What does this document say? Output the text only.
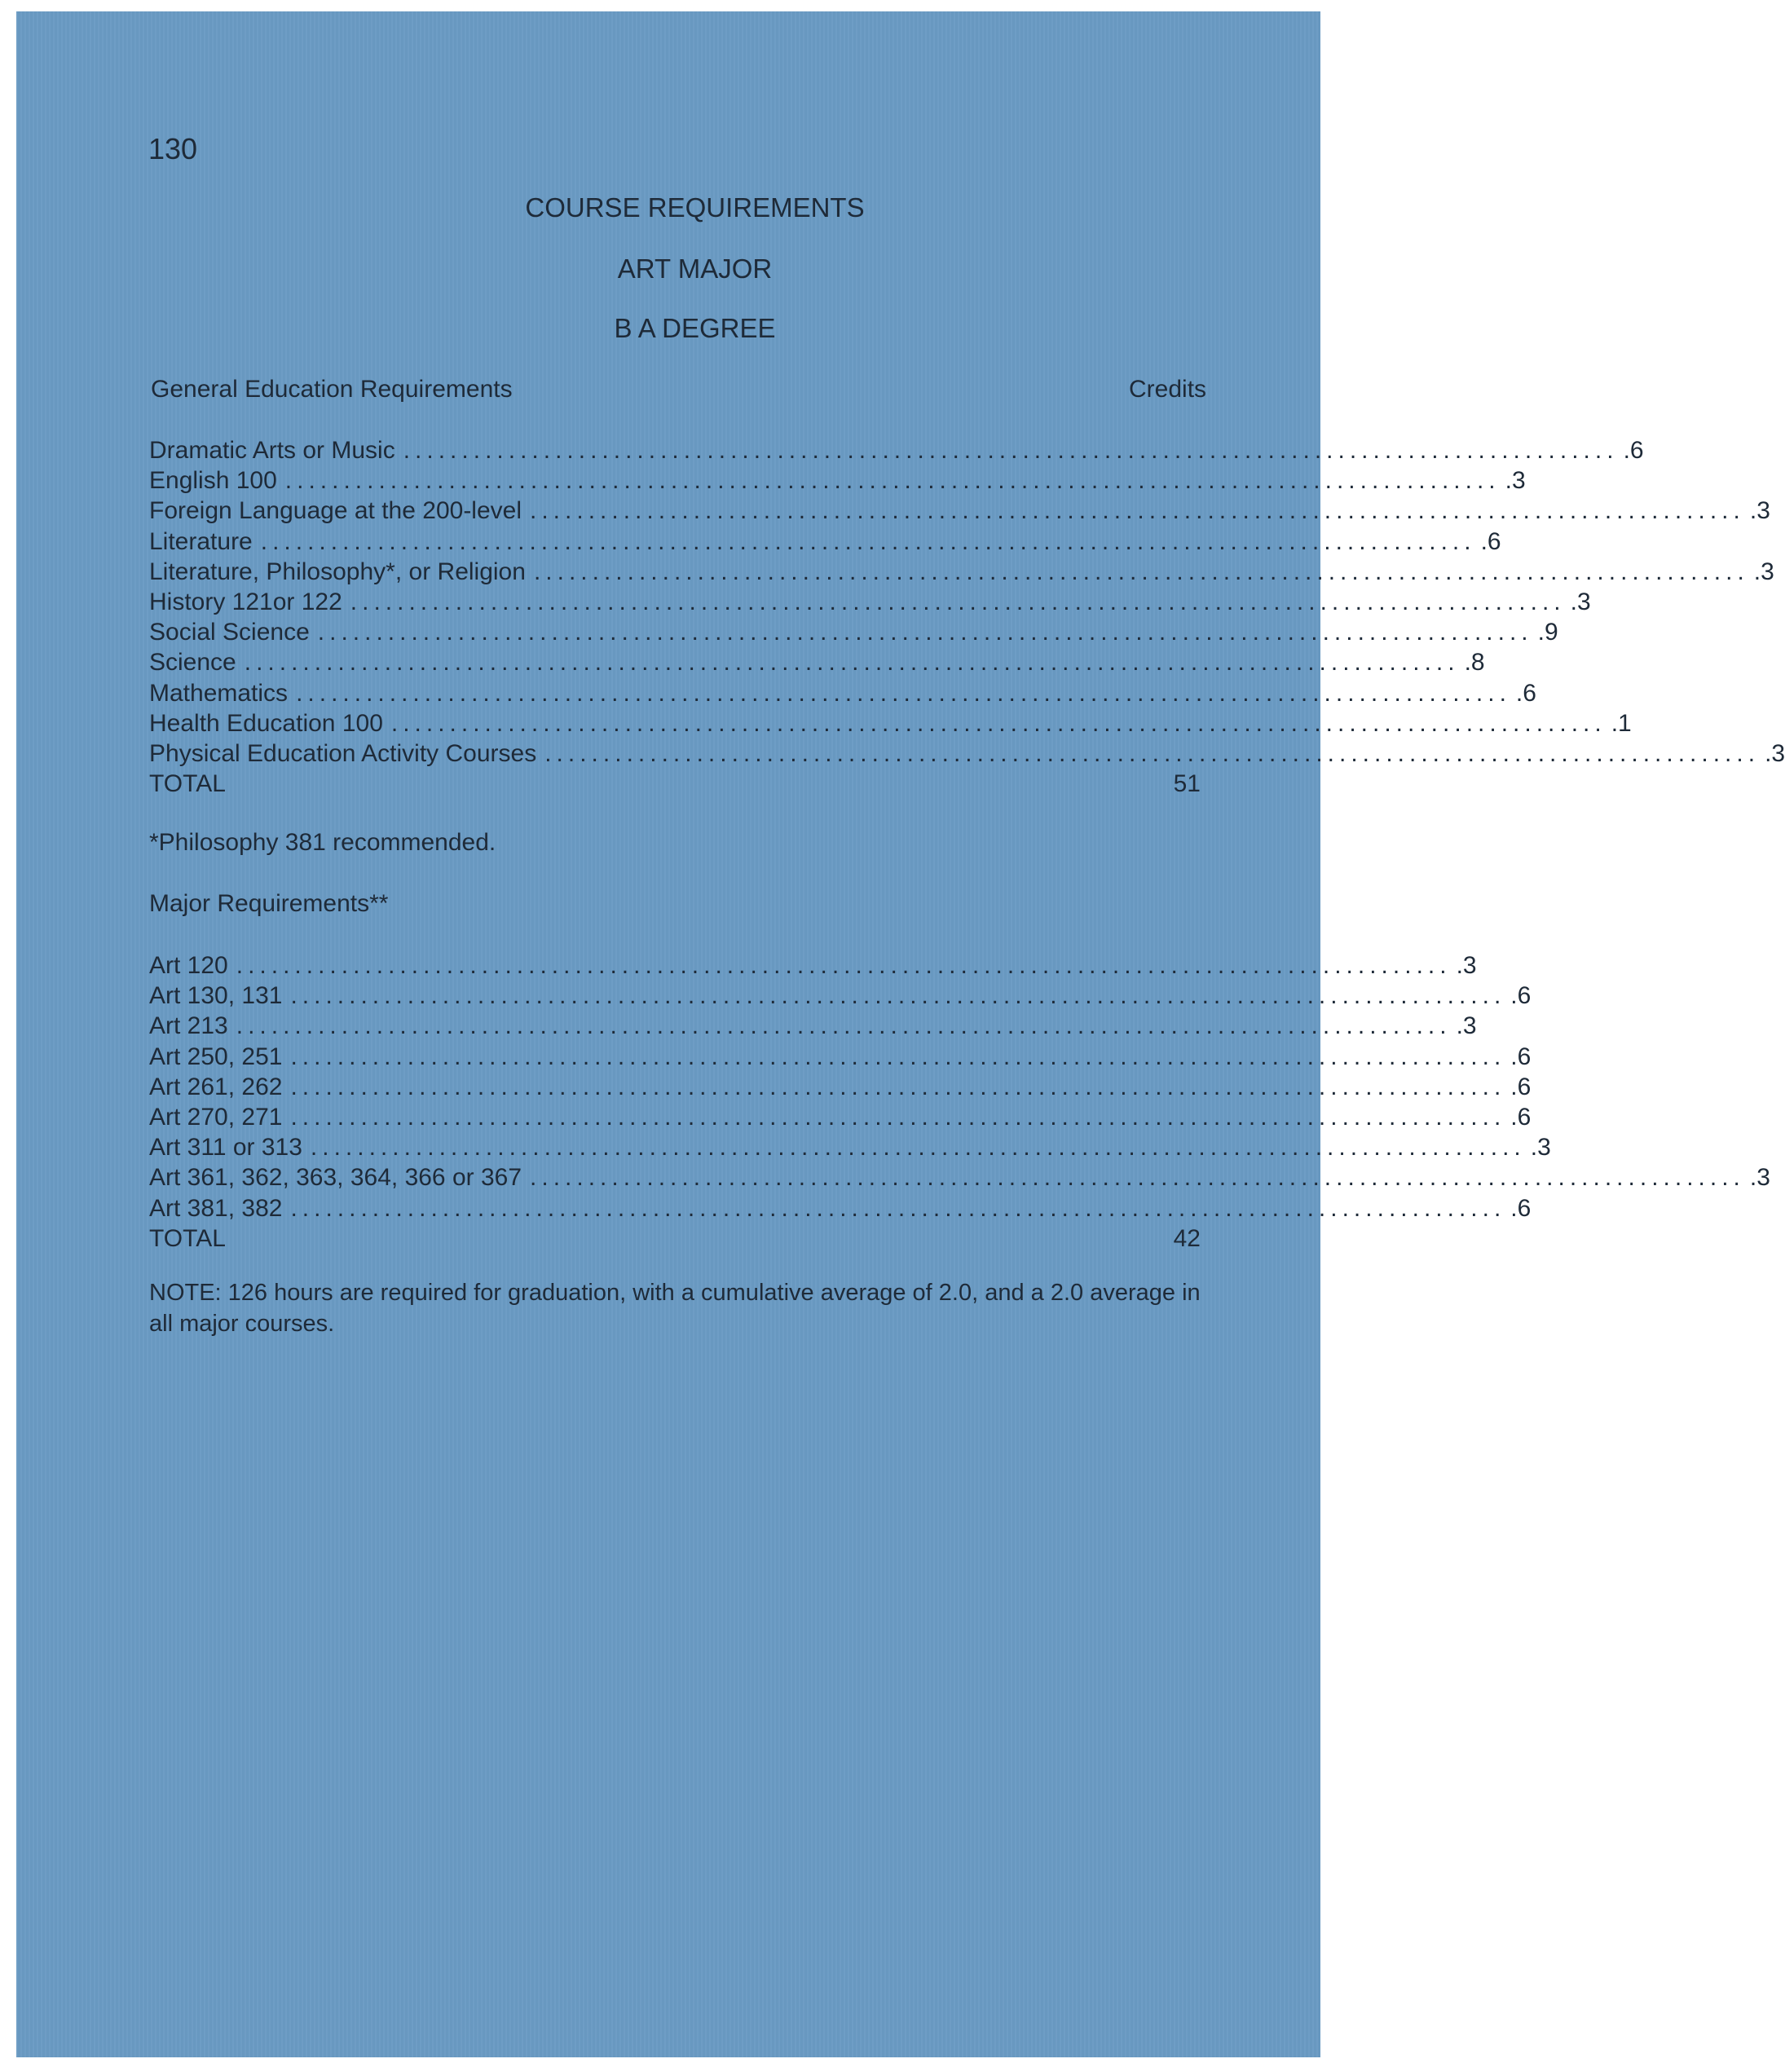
130
COURSE REQUIREMENTS
ART MAJOR
B A DEGREE
General Education Requirements	Credits
Dramatic Arts or Music ........................................................................................................ .6
English 100 ........................................................................................................ .3
Foreign Language at the 200-level ........................................................................................................ .3
Literature ........................................................................................................ .6
Literature, Philosophy*, or Religion ........................................................................................................ .3
History 121or 122 ........................................................................................................ .3
Social Science ........................................................................................................ .9
Science ........................................................................................................ .8
Mathematics ........................................................................................................ .6
Health Education 100 ........................................................................................................ .1
Physical Education Activity Courses ........................................................................................................ .3
TOTAL	51
*Philosophy 381 recommended.
Major Requirements**
Art 120 ........................................................................................................ .3
Art 130, 131 ........................................................................................................ .6
Art 213 ........................................................................................................ .3
Art 250, 251 ........................................................................................................ .6
Art 261, 262 ........................................................................................................ .6
Art 270, 271 ........................................................................................................ .6
Art 311 or 313 ........................................................................................................ .3
Art 361, 362, 363, 364, 366 or 367 ........................................................................................................ .3
Art 381, 382 ........................................................................................................ .6
TOTAL	42
NOTE: 126 hours are required for graduation, with a cumulative average of 2.0, and a 2.0 average in all major courses.
